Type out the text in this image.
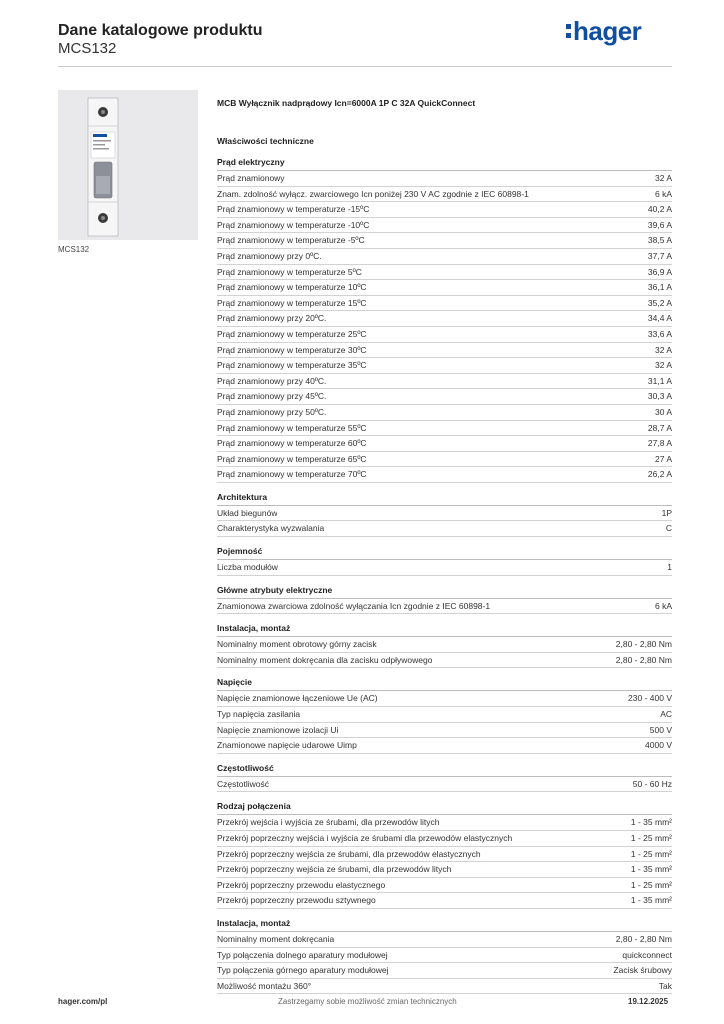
Dane katalogowe produktu
MCS132
hager
MCS132
MCB Wyłącznik nadprądowy Icn=6000A 1P C 32A QuickConnect
Właściwości techniczne
Prąd elektryczny
Prąd znamionowy	32 A
Znam. zdolność wyłącz. zwarciowego Icn poniżej 230 V AC zgodnie z IEC 60898-1	6 kA
Prąd znamionowy w temperaturze -15ºC	40,2 A
Prąd znamionowy w temperaturze -10ºC	39,6 A
Prąd znamionowy w temperaturze -5ºC	38,5 A
Prąd znamionowy przy 0ºC.	37,7 A
Prąd znamionowy w temperaturze 5ºC	36,9 A
Prąd znamionowy w temperaturze 10ºC	36,1 A
Prąd znamionowy w temperaturze 15ºC	35,2 A
Prąd znamionowy przy 20ºC.	34,4 A
Prąd znamionowy w temperaturze 25ºC	33,6 A
Prąd znamionowy w temperaturze 30ºC	32 A
Prąd znamionowy w temperaturze 35ºC	32 A
Prąd znamionowy przy 40ºC.	31,1 A
Prąd znamionowy przy 45ºC.	30,3 A
Prąd znamionowy przy 50ºC.	30 A
Prąd znamionowy w temperaturze 55ºC	28,7 A
Prąd znamionowy w temperaturze 60ºC	27,8 A
Prąd znamionowy w temperaturze 65ºC	27 A
Prąd znamionowy w temperaturze 70ºC	26,2 A
Architektura
Układ biegunów	1P
Charakterystyka wyzwalania	C
Pojemność
Liczba modułów	1
Główne atrybuty elektryczne
Znamionowa zwarciowa zdolność wyłączania Icn zgodnie z IEC 60898-1	6 kA
Instalacja, montaż
Nominalny moment obrotowy górny zacisk	2,80 - 2,80 Nm
Nominalny moment dokręcania dla zacisku odpływowego	2,80 - 2,80 Nm
Napięcie
Napięcie znamionowe łączeniowe Ue (AC)	230 - 400 V
Typ napięcia zasilania	AC
Napięcie znamionowe izolacji Ui	500 V
Znamionowe napięcie udarowe Uimp	4000 V
Częstotliwość
Częstotliwość	50 - 60 Hz
Rodzaj połączenia
Przekrój wejścia i wyjścia ze śrubami, dla przewodów litych	1 - 35 mm²
Przekrój poprzeczny wejścia i wyjścia ze śrubami dla przewodów elastycznych	1 - 25 mm²
Przekrój poprzeczny wejścia ze śrubami, dla przewodów elastycznych	1 - 25 mm²
Przekrój poprzeczny wejścia ze śrubami, dla przewodów litych	1 - 35 mm²
Przekrój poprzeczny przewodu elastycznego	1 - 25 mm²
Przekrój poprzeczny przewodu sztywnego	1 - 35 mm²
Instalacja, montaż
Nominalny moment dokręcania	2,80 - 2,80 Nm
Typ połączenia dolnego aparatury modułowej	quickconnect
Typ połączenia górnego aparatury modułowej	Zacisk śrubowy
Możliwość montażu 360°	Tak
hager.com/pl	Zastrzegamy sobie możliwość zmian technicznych	19.12.2025
